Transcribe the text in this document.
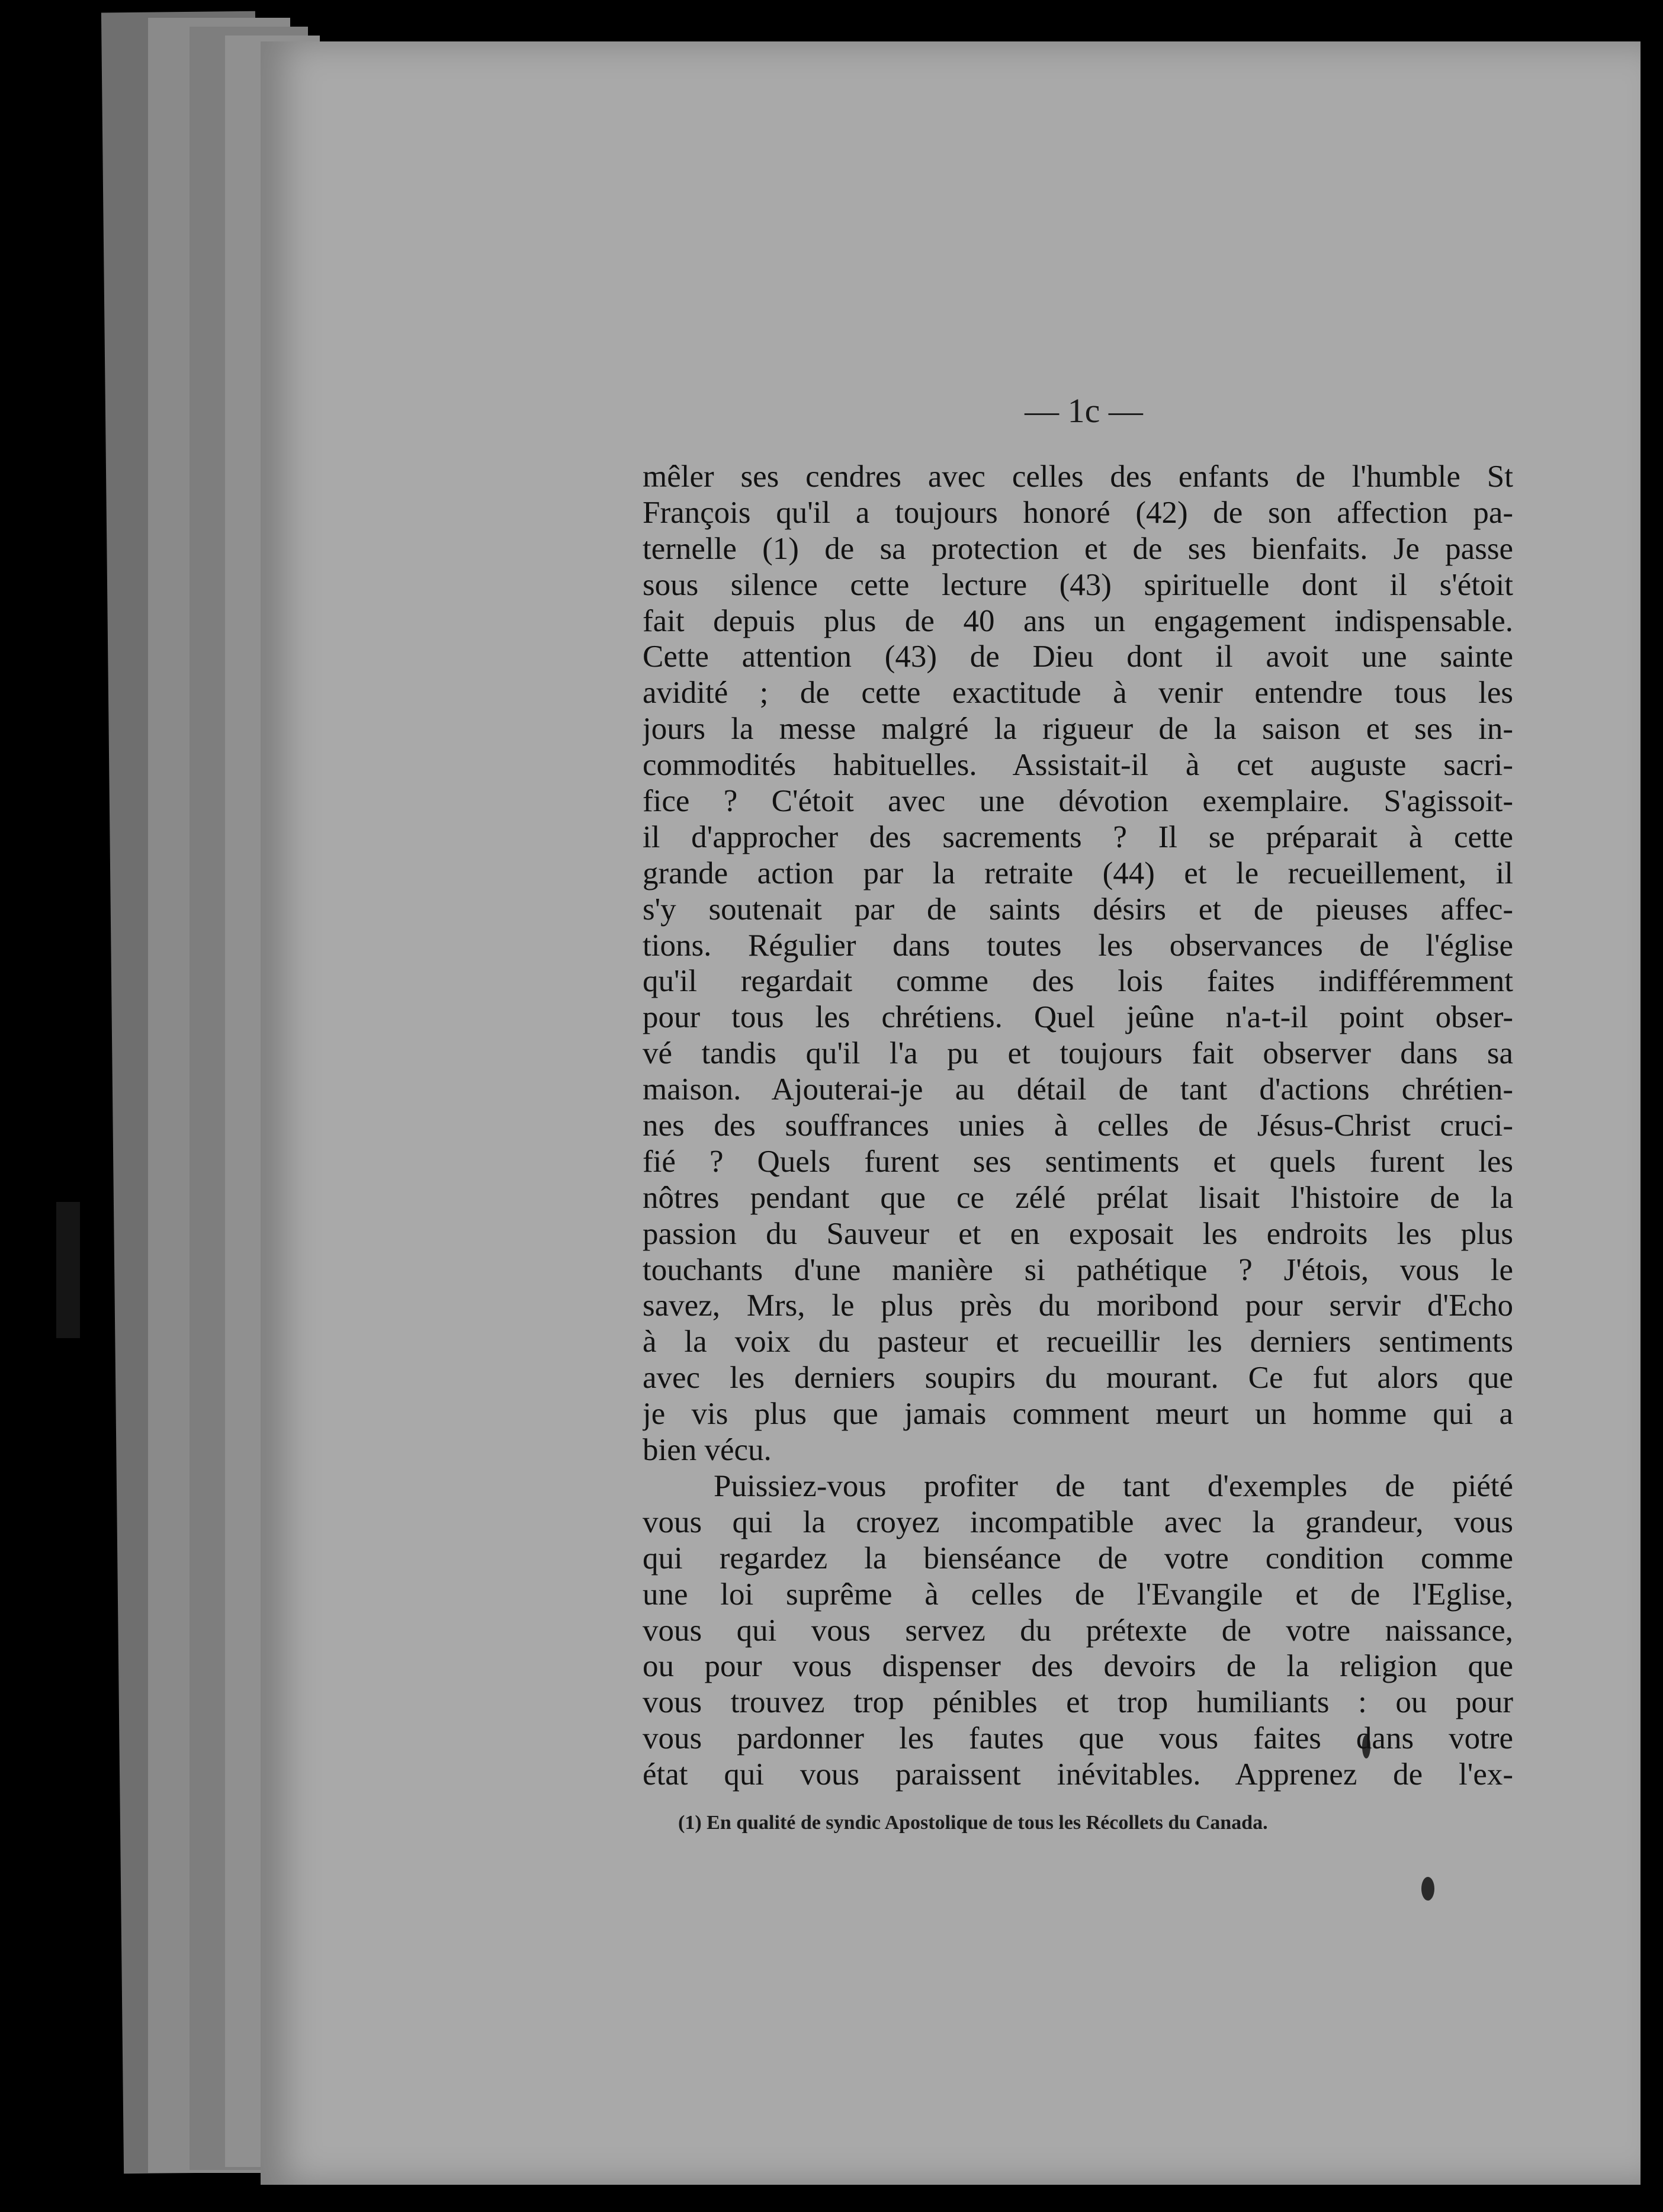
— 1c —
mêler ses cendres avec celles des enfants de l'humble St
François qu'il a toujours honoré (42) de son affection pa-
ternelle (1) de sa protection et de ses bienfaits. Je passe
sous silence cette lecture (43) spirituelle dont il s'étoit
fait depuis plus de 40 ans un engagement indispensable.
Cette attention (43) de Dieu dont il avoit une sainte
avidité ; de cette exactitude à venir entendre tous les
jours la messe malgré la rigueur de la saison et ses in-
commodités habituelles. Assistait-il à cet auguste sacri-
fice ? C'étoit avec une dévotion exemplaire. S'agissoit-
il d'approcher des sacrements ? Il se préparait à cette
grande action par la retraite (44) et le recueillement, il
s'y soutenait par de saints désirs et de pieuses affec-
tions. Régulier dans toutes les observances de l'église
qu'il regardait comme des lois faites indifféremment
pour tous les chrétiens. Quel jeûne n'a-t-il point obser-
vé tandis qu'il l'a pu et toujours fait observer dans sa
maison. Ajouterai-je au détail de tant d'actions chrétien-
nes des souffrances unies à celles de Jésus-Christ cruci-
fié ? Quels furent ses sentiments et quels furent les
nôtres pendant que ce zélé prélat lisait l'histoire de la
passion du Sauveur et en exposait les endroits les plus
touchants d'une manière si pathétique ? J'étois, vous le
savez, Mrs, le plus près du moribond pour servir d'Echo
à la voix du pasteur et recueillir les derniers sentiments
avec les derniers soupirs du mourant. Ce fut alors que
je vis plus que jamais comment meurt un homme qui a
bien vécu.
Puissiez-vous profiter de tant d'exemples de piété
vous qui la croyez incompatible avec la grandeur, vous
qui regardez la bienséance de votre condition comme
une loi suprême à celles de l'Evangile et de l'Eglise,
vous qui vous servez du prétexte de votre naissance,
ou pour vous dispenser des devoirs de la religion que
vous trouvez trop pénibles et trop humiliants : ou pour
vous pardonner les fautes que vous faites dans votre
état qui vous paraissent inévitables. Apprenez de l'ex-
(1) En qualité de syndic Apostolique de tous les Récollets du Canada.
